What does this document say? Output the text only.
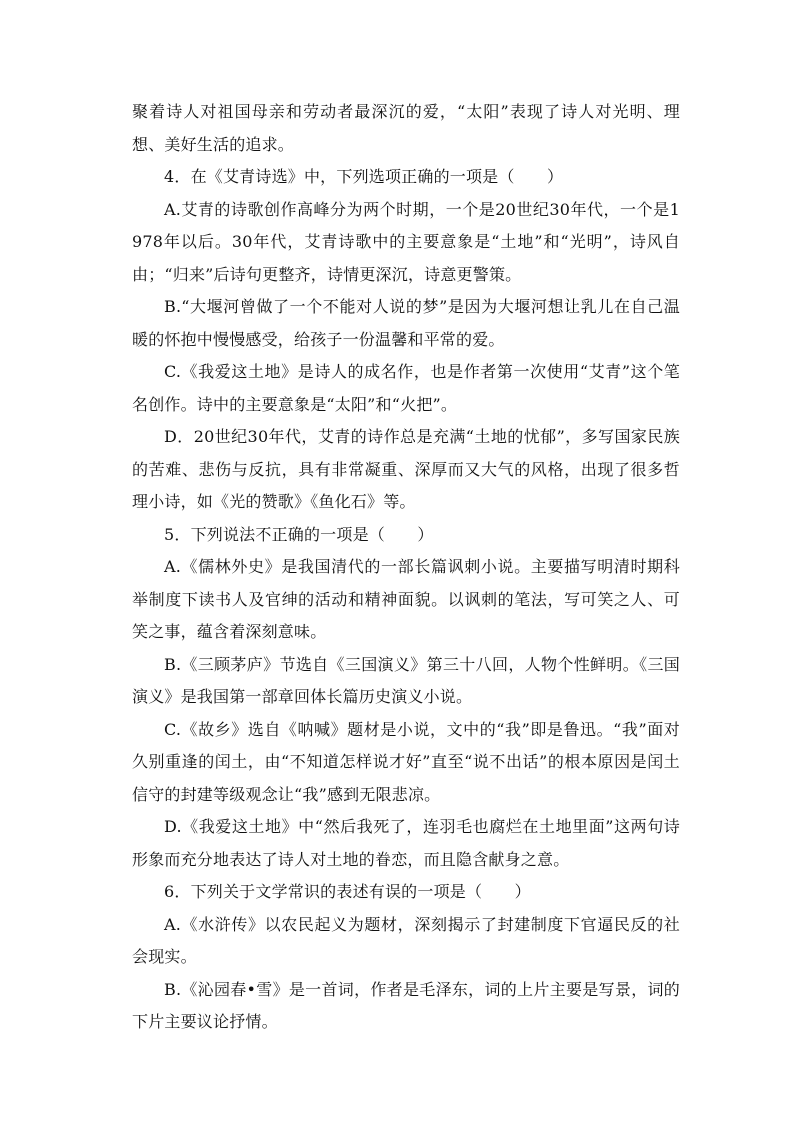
聚着诗人对祖国母亲和劳动者最深沉的爱，“太阳”表现了诗人对光明、理想、美好生活的追求。

4．在《艾青诗选》中，下列选项正确的一项是（　　）

A.艾青的诗歌创作高峰分为两个时期，一个是20世纪30年代，一个是1978年以后。30年代，艾青诗歌中的主要意象是“土地”和“光明”，诗风自由；“归来”后诗句更整齐，诗情更深沉，诗意更警策。

B.“大堰河曾做了一个不能对人说的梦”是因为大堰河想让乳儿在自己温暖的怀抱中慢慢感受，给孩子一份温馨和平常的爱。

C.《我爱这土地》是诗人的成名作，也是作者第一次使用“艾青”这个笔名创作。诗中的主要意象是“太阳”和“火把”。

D．20世纪30年代，艾青的诗作总是充满“土地的忧郁”，多写国家民族的苦难、悲伤与反抗，具有非常凝重、深厚而又大气的风格，出现了很多哲理小诗，如《光的赞歌》《鱼化石》等。

5．下列说法不正确的一项是（　　）

A.《儒林外史》是我国清代的一部长篇讽刺小说。主要描写明清时期科举制度下读书人及官绅的活动和精神面貌。以讽刺的笔法，写可笑之人、可笑之事，蕴含着深刻意味。

B.《三顾茅庐》节选自《三国演义》第三十八回，人物个性鲜明。《三国演义》是我国第一部章回体长篇历史演义小说。

C.《故乡》选自《呐喊》题材是小说，文中的“我”即是鲁迅。“我”面对久别重逢的闰土，由“不知道怎样说才好”直至“说不出话”的根本原因是闰土信守的封建等级观念让“我”感到无限悲凉。

D.《我爱这土地》中“然后我死了，连羽毛也腐烂在土地里面”这两句诗形象而充分地表达了诗人对土地的眷恋，而且隐含献身之意。

6．下列关于文学常识的表述有误的一项是（　　）

A.《水浒传》以农民起义为题材，深刻揭示了封建制度下官逼民反的社会现实。

B.《沁园春•雪》是一首词，作者是毛泽东，词的上片主要是写景，词的下片主要议论抒情。
